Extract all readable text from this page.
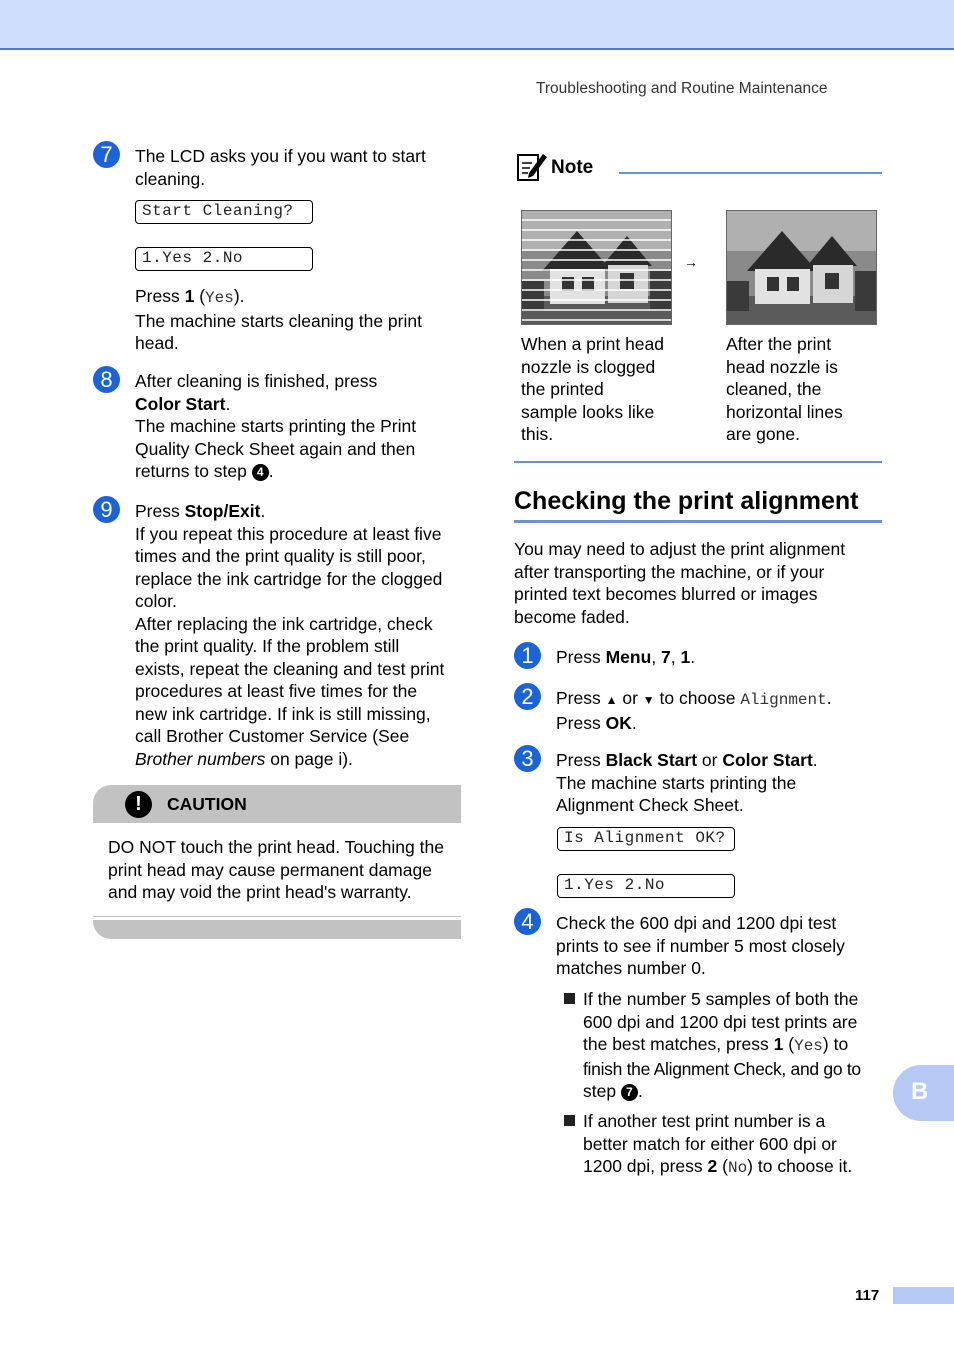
Troubleshooting and Routine Maintenance
7	The LCD asks you if you want to start
cleaning.
Start Cleaning?
1.Yes 2.No
Press 1 (Yes).
The machine starts cleaning the print
head.
8	After cleaning is finished, press
Color Start.
The machine starts printing the Print
Quality Check Sheet again and then
returns to step 4 .
9	Press Stop/Exit.
If you repeat this procedure at least five
times and the print quality is still poor,
replace the ink cartridge for the clogged
color.
After replacing the ink cartridge, check
the print quality. If the problem still
exists, repeat the cleaning and test print
procedures at least five times for the
new ink cartridge. If ink is still missing,
call Brother Customer Service (See
Brother numbers on page i).
!	CAUTION
DO NOT touch the print head. Touching the
print head may cause permanent damage
and may void the print head's warranty.
Note
→
When a print head
nozzle is clogged
the printed
sample looks like
this.
After the print
head nozzle is
cleaned, the
horizontal lines
are gone.
Checking the print alignment
You may need to adjust the print alignment
after transporting the machine, or if your
printed text becomes blurred or images
become faded.
1	Press Menu, 7, 1.
2	Press ▲ or ▼ to choose Alignment.
Press OK.
3	Press Black Start or Color Start.
The machine starts printing the
Alignment Check Sheet.
Is Alignment OK?
1.Yes 2.No
4	Check the 600 dpi and 1200 dpi test
prints to see if number 5 most closely
matches number 0.
If the number 5 samples of both the
600 dpi and 1200 dpi test prints are
the best matches, press 1 (Yes) to
finish the Alignment Check, and go to
step 7 .
If another test print number is a
better match for either 600 dpi or
1200 dpi, press 2 (No) to choose it.
B
117
